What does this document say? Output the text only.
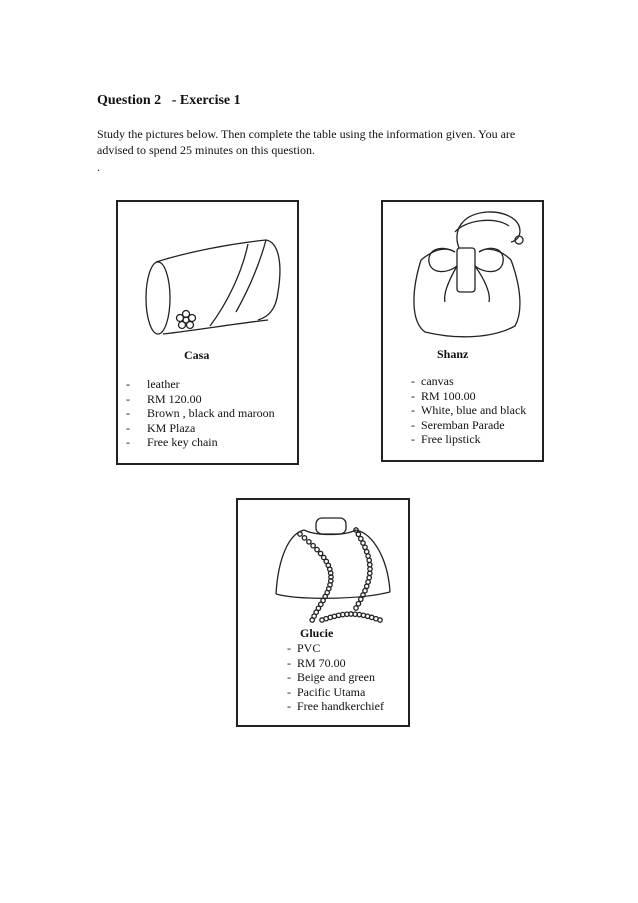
Question 2 - Exercise 1
Study the pictures below. Then complete the table using the information given. You are advised to spend 25 minutes on this question.
.
Casa
- leather
- RM 120.00
- Brown , black and maroon
- KM Plaza
- Free key chain
Shanz
- canvas
- RM 100.00
- White, blue and black
- Seremban Parade
- Free lipstick
Glucie
- PVC
- RM 70.00
- Beige and green
- Pacific Utama
- Free handkerchief
